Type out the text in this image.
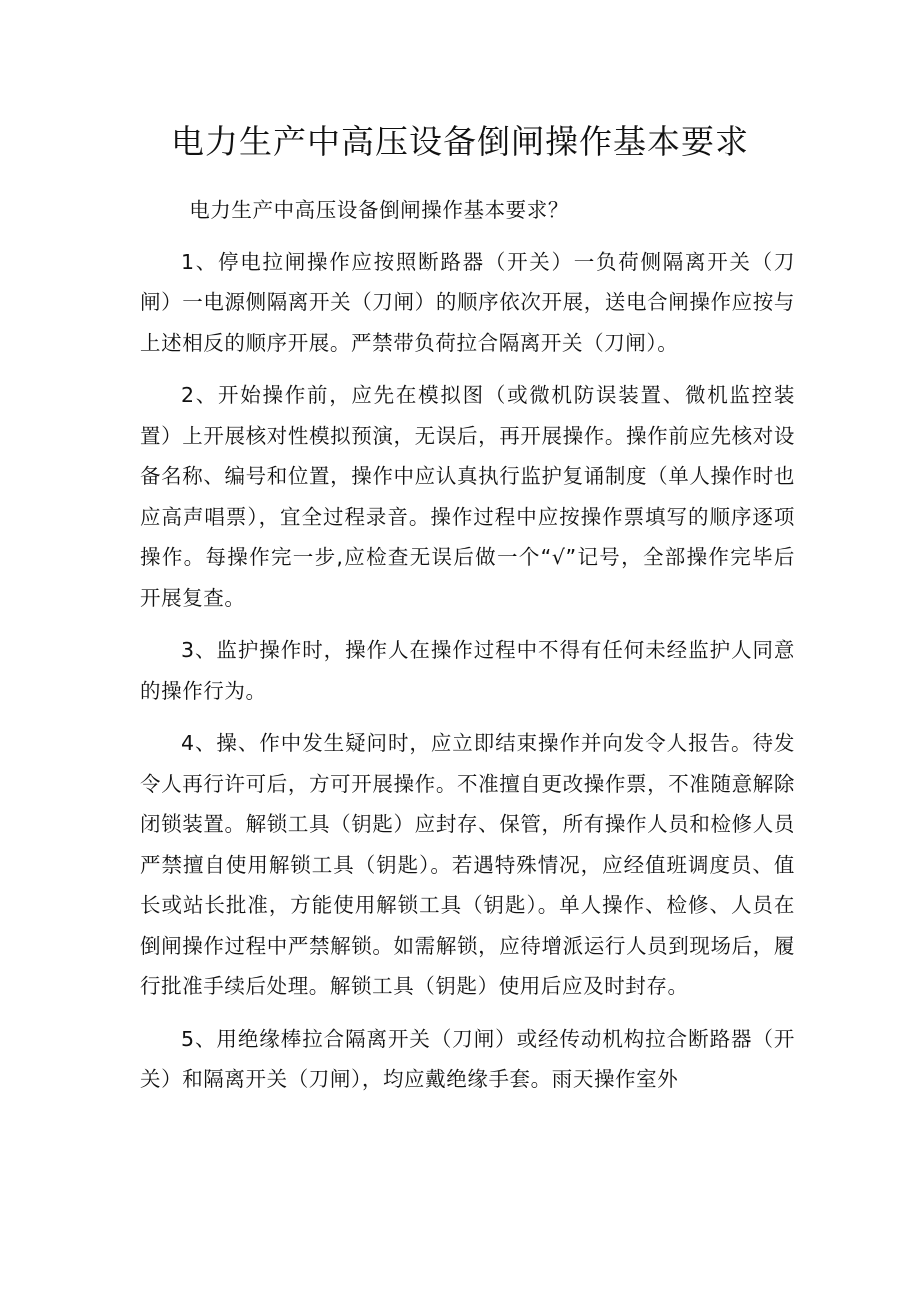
电力生产中高压设备倒闸操作基本要求

电力生产中高压设备倒闸操作基本要求？

1、停电拉闸操作应按照断路器（开关）一负荷侧隔离开关（刀闸）一电源侧隔离开关（刀闸）的顺序依次开展，送电合闸操作应按与上述相反的顺序开展。严禁带负荷拉合隔离开关（刀闸）。

2、开始操作前，应先在模拟图（或微机防误装置、微机监控装置）上开展核对性模拟预演，无误后，再开展操作。操作前应先核对设备名称、编号和位置，操作中应认真执行监护复诵制度（单人操作时也应高声唱票），宜全过程录音。操作过程中应按操作票填写的顺序逐项操作。每操作完一步,应检查无误后做一个“√”记号，全部操作完毕后开展复查。

3、监护操作时，操作人在操作过程中不得有任何未经监护人同意的操作行为。

4、操、作中发生疑问时，应立即结束操作并向发令人报告。待发令人再行许可后，方可开展操作。不准擅自更改操作票，不准随意解除闭锁装置。解锁工具（钥匙）应封存、保管，所有操作人员和检修人员严禁擅自使用解锁工具（钥匙）。若遇特殊情况，应经值班调度员、值长或站长批准，方能使用解锁工具（钥匙）。单人操作、检修、人员在倒闸操作过程中严禁解锁。如需解锁，应待增派运行人员到现场后，履行批准手续后处理。解锁工具（钥匙）使用后应及时封存。

5、用绝缘棒拉合隔离开关（刀闸）或经传动机构拉合断路器（开关）和隔离开关（刀闸），均应戴绝缘手套。雨天操作室外
